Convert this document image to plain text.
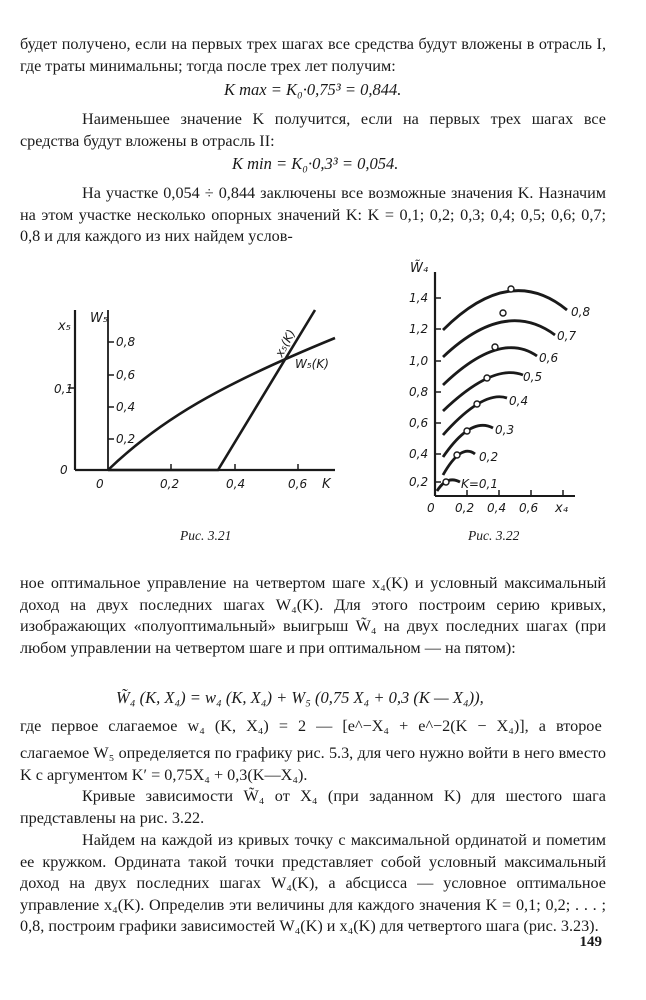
будет получено, если на первых трех шагах все средства будут вложены в отрасль I, где траты минимальны; тогда после трех лет получим:

K max = K₀·0,75³ = 0,844.

Наименьшее значение K получится, если на первых трех шагах все средства будут вложены в отрасль II:

K min = K₀·0,3³ = 0,054.

На участке 0,054 ÷ 0,844 заключены все возможные значения K. Назначим на этом участке несколько опорных значений K: K = 0,1; 0,2; 0,3; 0,4; 0,5; 0,6; 0,7; 0,8 и для каждого из них найдем услов-

x₅
W₅
0,1
0,8
0,6
0,4
0,2
0
0	0,2	0,4	0,6 K
x₅(K)
W₅(K)

Рис. 3.21

W̃₄
1,4
1,2
1,0
0,8
0,6
0,4
0,2
0 0,2 0,4 0,6 x₄
K=0,1
0,2
0,3
0,4
0,5
0,6
0,7
0,8

Рис. 3.22

ное оптимальное управление на четвертом шаге x₄(K) и условный максимальный доход на двух последних шагах W₄(K). Для этого построим серию кривых, изображающих «полуоптимальный» выигрыш W̃₄ на двух последних шагах (при любом управлении на четвертом шаге и при оптимальном — на пятом):

W̃₄ (K, X₄) = w₄ (K, X₄) + W₅ (0,75 X₄ + 0,3 (K — X₄)),

где первое слагаемое w₄ (K, X₄) = 2 — [e^−X₄ + e^−2(K − X₄)], а второе

слагаемое W₅ определяется по графику рис. 5.3, для чего нужно войти в него вместо K с аргументом K′ = 0,75X₄ + 0,3(K—X₄).

Кривые зависимости W̃₄ от X₄ (при заданном K) для шестого шага представлены на рис. 3.22.

Найдем на каждой из кривых точку с максимальной ординатой и пометим ее кружком. Ордината такой точки представляет собой условный максимальный доход на двух последних шагах W₄(K), а абсцисса — условное оптимальное управление x₄(K). Определив эти величины для каждого значения K = 0,1; 0,2; . . . ; 0,8, построим графики зависимостей W₄(K) и x₄(K) для четвертого шага (рис. 3.23).

149
